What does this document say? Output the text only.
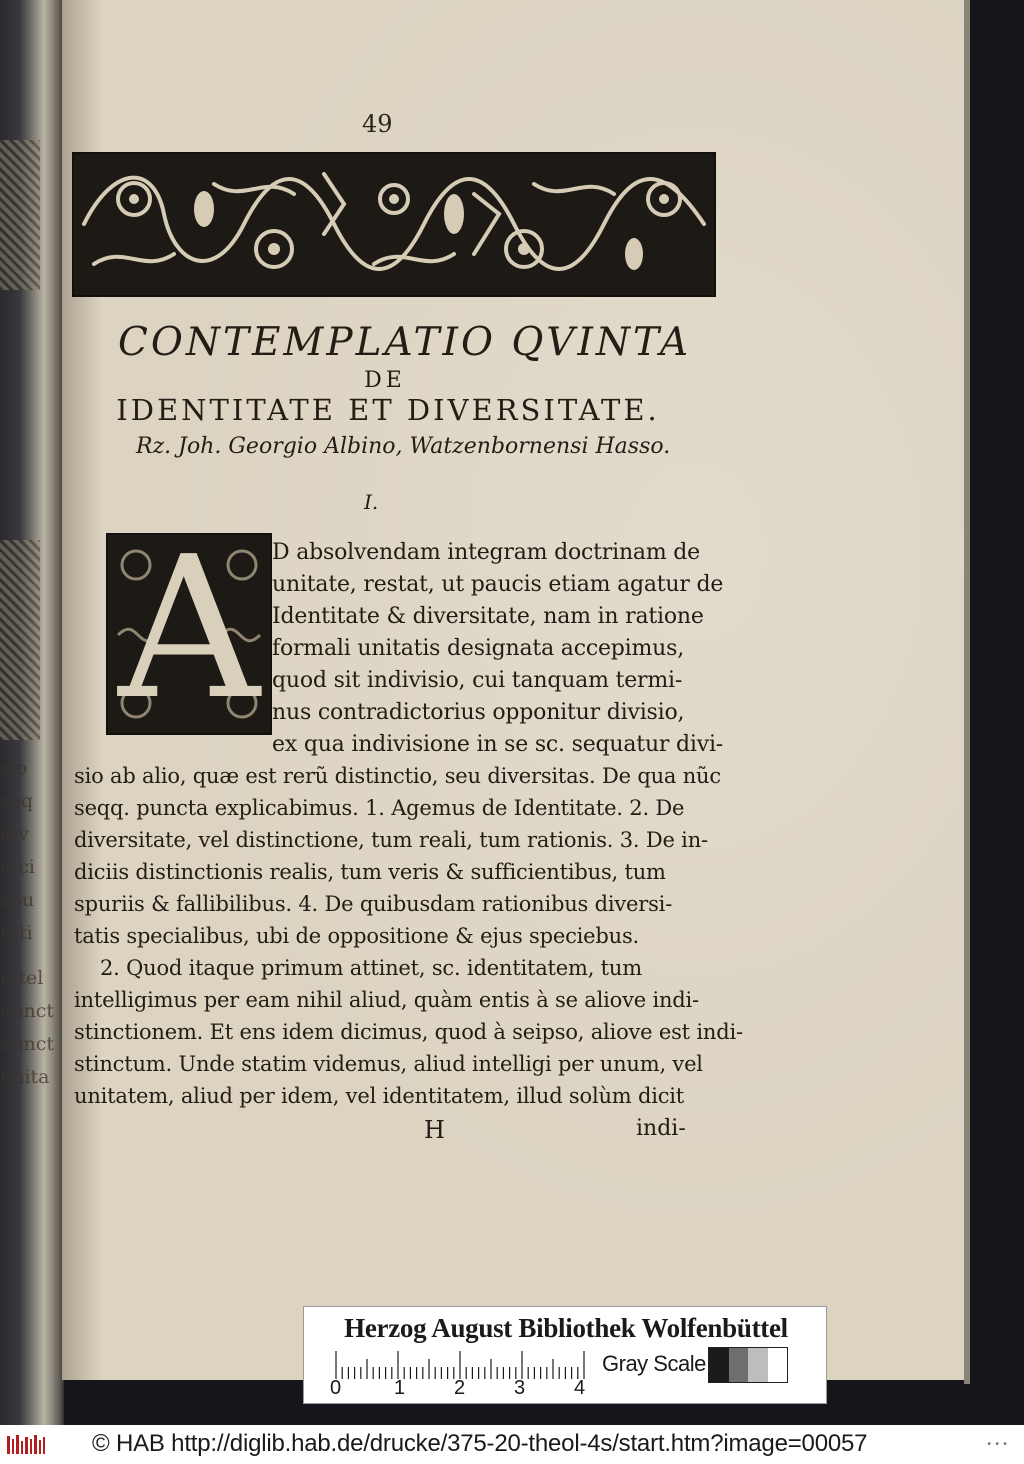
sio
seq
div
dici
spu
tati
intel
stinct
stinct
unita
49
CONTEMPLATIO QVINTA
DE
IDENTITATE ET DIVERSITATE.
Rz. Joh. Georgio Albino, Watzenbornensi Hasso.
I.
A D absolvendam integram doctrinam de
unitate, restat, ut paucis etiam agatur de
Identitate & diversitate, nam in ratione
formali unitatis designata accepimus,
quod sit indivisio, cui tanquam termi-
nus contradictorius opponitur divisio,
ex qua indivisione in se sc. sequatur divi-
sio ab alio, quæ est rerũ distinctio, seu diversitas. De qua nũc
seqq. puncta explicabimus. 1. Agemus de Identitate. 2. De
diversitate, vel distinctione, tum reali, tum rationis. 3. De in-
diciis distinctionis realis, tum veris & sufficientibus, tum
spuriis & fallibilibus. 4. De quibusdam rationibus diversi-
tatis specialibus, ubi de oppositione & ejus speciebus.
2. Quod itaque primum attinet, sc. identitatem, tum
intelligimus per eam nihil aliud, quàm entis à se aliove indi-
stinctionem. Et ens idem dicimus, quod à seipso, aliove est indi-
stinctum. Unde statim videmus, aliud intelligi per unum, vel
unitatem, aliud per idem, vel identitatem, illud solùm dicit
H	indi-
Herzog August Bibliothek Wolfenbüttel
0	1 2 3 4
Gray Scale
© HAB http://diglib.hab.de/drucke/375-20-theol-4s/start.htm?image=00057	•••
